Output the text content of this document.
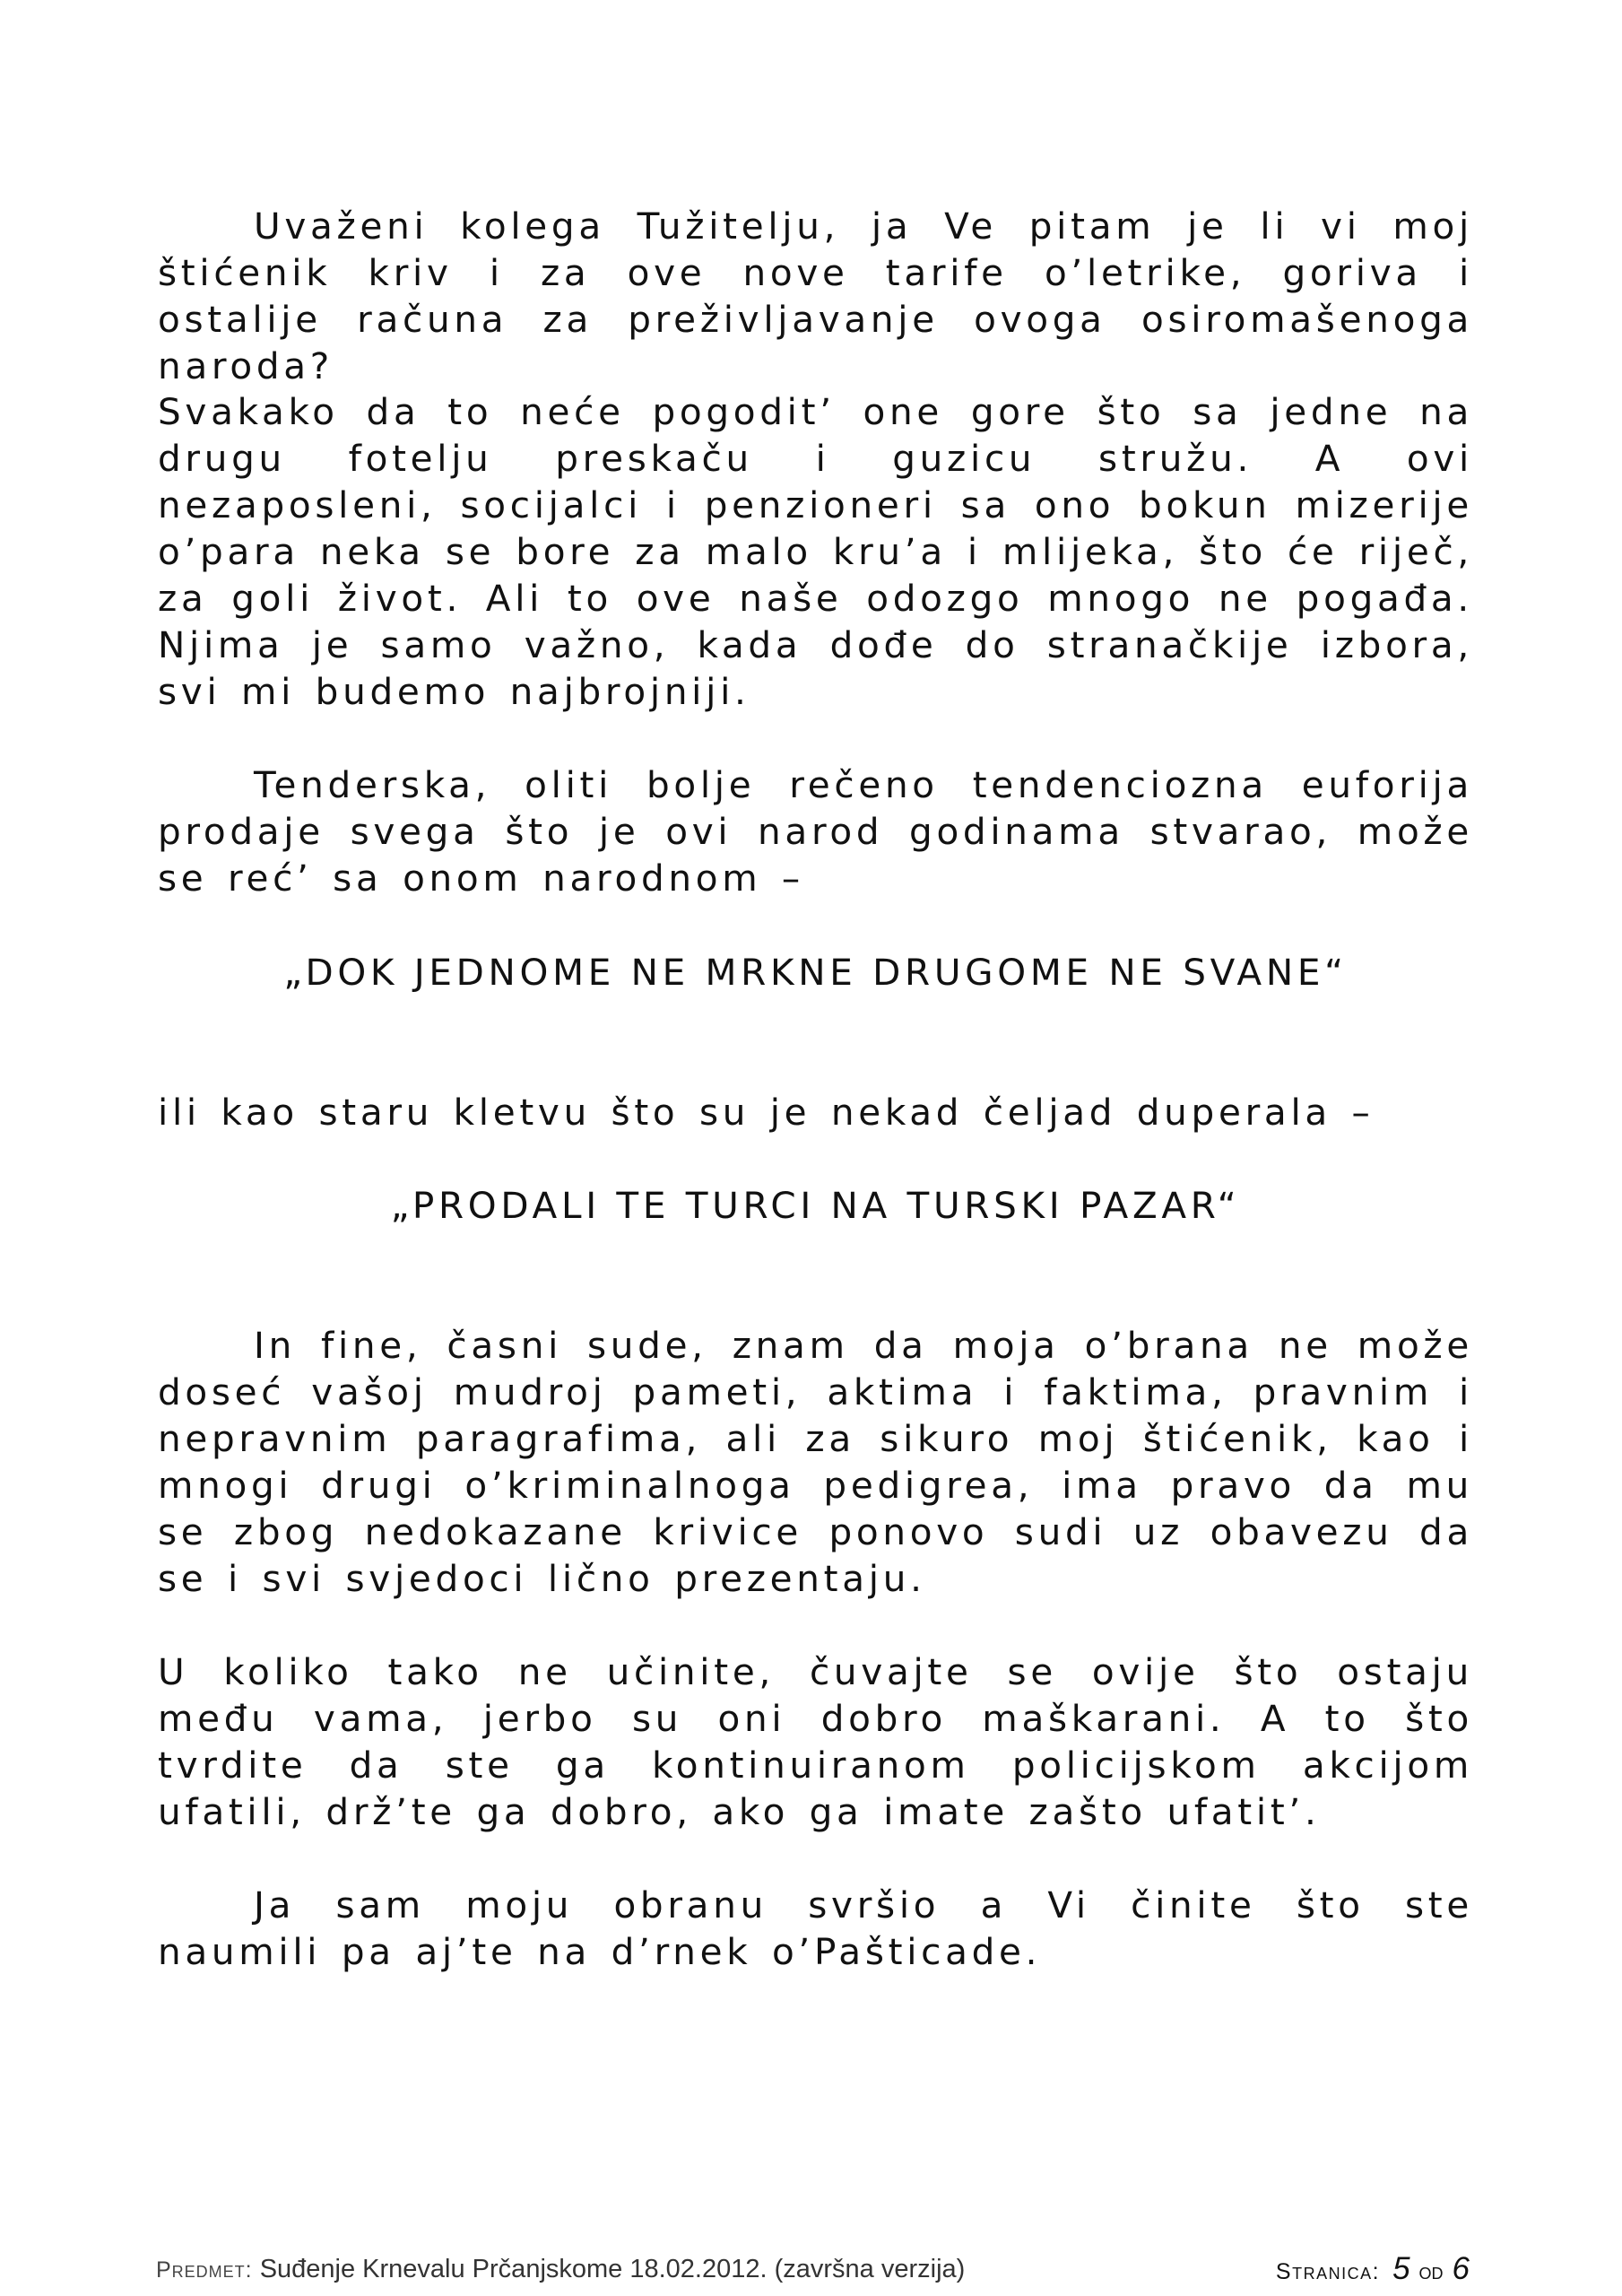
Uvaženi kolega Tužitelju, ja Ve pitam je li vi moj štićenik kriv i za ove nove tarife o’letrike, goriva i ostalije računa za preživljavanje ovoga osiromašenoga naroda?

Svakako da to neće pogodit’ one gore što sa jedne na drugu fotelju preskaču i guzicu stružu. A ovi nezaposleni, socijalci i penzioneri sa ono bokun mizerije o’para neka se bore za malo kru’a i mlijeka, što će riječ, za goli život. Ali to ove naše odozgo mnogo ne pogađa. Njima je samo važno, kada dođe do stranačkije izbora, svi mi budemo najbrojniji.

Tenderska, oliti bolje rečeno tendenciozna euforija prodaje svega što je ovi narod godinama stvarao, može se reć’ sa onom narodnom –

„DOK JEDNOME NE MRKNE DRUGOME NE SVANE“

ili kao staru kletvu što su je nekad čeljad duperala –

„PRODALI TE TURCI NA TURSKI PAZAR“

In fine, časni sude, znam da moja o’brana ne može doseć vašoj mudroj pameti, aktima i faktima, pravnim i nepravnim paragrafima, ali za sikuro moj štićenik, kao i mnogi drugi o’kriminalnoga pedigrea, ima pravo da mu se zbog nedokazane krivice ponovo sudi uz obavezu da se i svi svjedoci lično prezentaju.

U koliko tako ne učinite, čuvajte se ovije što ostaju među vama, jerbo su oni dobro maškarani. A to što tvrdite da ste ga kontinuiranom policijskom akcijom ufatili, drž’te ga dobro, ako ga imate zašto ufatit’.

Ja sam moju obranu svršio a Vi činite što ste naumili pa aj’te na d’rnek o’Pašticade.

Predmet: Suđenje Krnevalu Prčanjskome 18.02.2012. (završna verzija)	Stranica: 5 od 6
